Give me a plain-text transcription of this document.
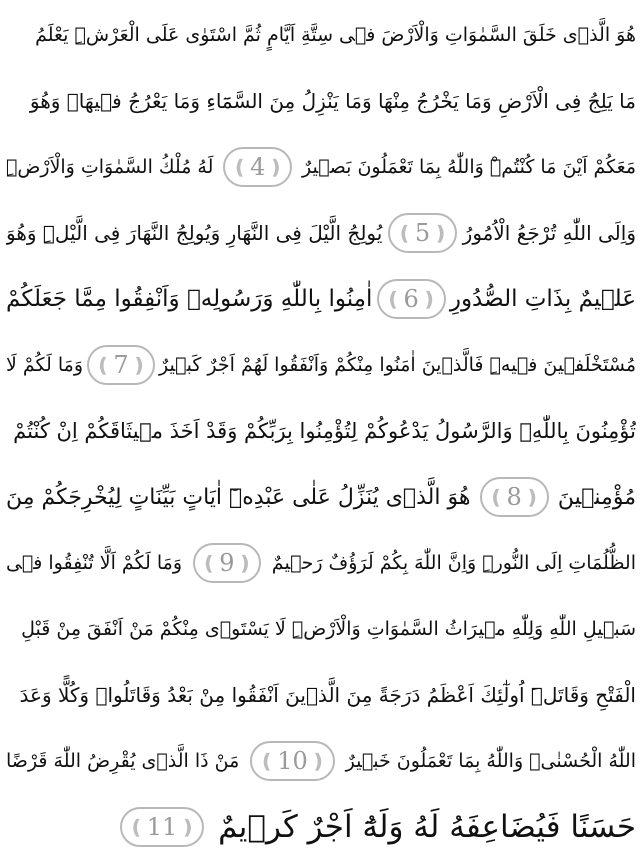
هُوَ الَّذٖى خَلَقَ السَّمٰوَاتِ وَالْاَرْضَ فٖى سِتَّةِ اَيَّامٍ ثُمَّ اسْتَوٰى عَلَى الْعَرْشِۜ يَعْلَمُ
مَا يَلِجُ فِى الْاَرْضِ وَمَا يَخْرُجُ مِنْهَا وَمَا يَنْزِلُ مِنَ السَّمَٓاءِ وَمَا يَعْرُجُ فٖيهَاۜ وَهُوَ
مَعَكُمْ اَيْنَ مَا كُنْتُمْۜ وَاللّٰهُ بِمَا تَعْمَلُونَ بَصٖيرٌ
❪ 4 ❫
لَهُ مُلْكُ السَّمٰوَاتِ وَالْاَرْضِۜ
وَاِلَى اللّٰهِ تُرْجَعُ الْاُمُورُ
❪ 5 ❫
يُولِجُ الَّيْلَ فِى النَّهَارِ وَيُولِجُ النَّهَارَ فِى الَّيْلِۜ وَهُوَ
عَلٖيمٌ بِذَاتِ الصُّدُورِ
❪ 6 ❫
اٰمِنُوا بِاللّٰهِ وَرَسُولِهٖ وَاَنْفِقُوا مِمَّا جَعَلَكُمْ
مُسْتَخْلَفٖينَ فٖيهِۜ فَالَّذٖينَ اٰمَنُوا مِنْكُمْ وَاَنْفَقُوا لَهُمْ اَجْرٌ كَبٖيرٌ
❪ 7 ❫
وَمَا لَكُمْ لَا
تُؤْمِنُونَ بِاللّٰهِۚ وَالرَّسُولُ يَدْعُوكُمْ لِتُؤْمِنُوا بِرَبِّكُمْ وَقَدْ اَخَذَ مٖيثَاقَكُمْ اِنْ كُنْتُمْ
مُؤْمِنٖينَ
❪ 8 ❫
هُوَ الَّذٖى يُنَزِّلُ عَلٰى عَبْدِهٖٓ اٰيَاتٍ بَيِّنَاتٍ لِيُخْرِجَكُمْ مِنَ
الظُّلُمَاتِ اِلَى النُّورِۜ وَاِنَّ اللّٰهَ بِكُمْ لَرَؤُفٌ رَحٖيمٌ
❪ 9 ❫
وَمَا لَكُمْ اَلَّا تُنْفِقُوا فٖى
سَبٖيلِ اللّٰهِ وَلِلّٰهِ مٖيرَاثُ السَّمٰوَاتِ وَالْاَرْضِۜ لَا يَسْتَوٖى مِنْكُمْ مَنْ اَنْفَقَ مِنْ قَبْلِ
الْفَتْحِ وَقَاتَلَۜ اُولٰٓئِكَ اَعْظَمُ دَرَجَةً مِنَ الَّذٖينَ اَنْفَقُوا مِنْ بَعْدُ وَقَاتَلُواۜ وَكُلًّا وَعَدَ
اللّٰهُ الْحُسْنٰىۜ وَاللّٰهُ بِمَا تَعْمَلُونَ خَبٖيرٌ
❪ 10 ❫
مَنْ ذَا الَّذٖى يُقْرِضُ اللّٰهَ قَرْضًا
حَسَنًا فَيُضَاعِفَهُ لَهُ وَلَهُٓ اَجْرٌ كَرٖيمٌ
❪ 11 ❫
